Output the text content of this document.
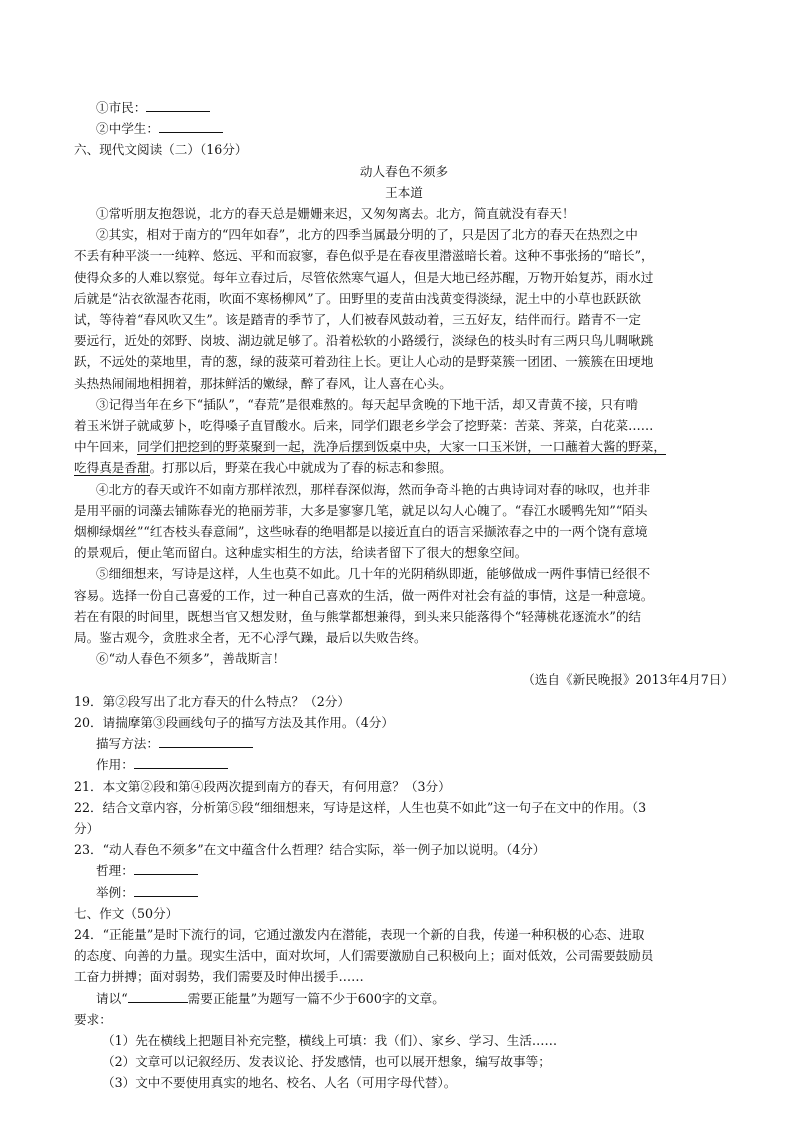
①市民：
②中学生：
六、现代文阅读（二）（16分）
动人春色不须多
王本道
①常听朋友抱怨说，北方的春天总是姗姗来迟，又匆匆离去。北方，简直就没有春天！
②其实，相对于南方的“四年如春”，北方的四季当属最分明的了，只是因了北方的春天在热烈之中
不丢有种平淡一一纯粹、悠远、平和而寂寥，春色似乎是在春夜里潜滋暗长着。这种不事张扬的“暗长”，
使得众多的人难以察觉。每年立春过后，尽管依然寒气逼人，但是大地已经苏醒，万物开始复苏，雨水过
后就是“沾衣欲湿杏花雨，吹面不寒杨柳风”了。田野里的麦苗由浅黄变得淡绿，泥土中的小草也跃跃欲
试，等待着“春风吹又生”。该是踏青的季节了，人们被春风鼓动着，三五好友，结伴而行。踏青不一定
要远行，近处的郊野、岗坡、湖边就足够了。沿着松软的小路缓行，淡绿色的枝头时有三两只鸟儿啁啾跳
跃，不远处的菜地里，青的葱，绿的菠菜可着劲往上长。更让人心动的是野菜簇一团团、一簇簇在田埂地
头热热闹闹地相拥着，那抹鲜活的嫩绿，醉了春风，让人喜在心头。
③记得当年在乡下“插队”，“春荒”是很难熬的。每天起早贪晚的下地干活，却又青黄不接，只有啃
着玉米饼子就咸萝卜，吃得嗓子直冒酸水。后来，同学们跟老乡学会了挖野菜：苦菜、荠菜，白花菜……
中午回来，同学们把挖到的野菜聚到一起，洗净后摆到饭桌中央，大家一口玉米饼，一口蘸着大酱的野菜，
吃得真是香甜。打那以后，野菜在我心中就成为了春的标志和参照。
④北方的春天或许不如南方那样浓烈，那样春深似海，然而争奇斗艳的古典诗词对春的咏叹，也并非
是用平丽的词藻去铺陈春光的艳丽芳菲，大多是寥寥几笔，就足以勾人心魄了。“春江水暖鸭先知”“陌头
烟柳绿烟丝”“红杏枝头春意闹”，这些咏春的绝唱都是以接近直白的语言采撷浓春之中的一两个饶有意境
的景观后，便止笔而留白。这种虚实相生的方法，给读者留下了很大的想象空间。
⑤细细想来，写诗是这样，人生也莫不如此。几十年的光阴稍纵即逝，能够做成一两件事情已经很不
容易。选择一份自己喜爱的工作，过一种自己喜欢的生活，做一两件对社会有益的事情，这是一种意境。
若在有限的时间里，既想当官又想发财，鱼与熊掌都想兼得，到头来只能落得个“轻薄桃花逐流水”的结
局。鉴古观今，贪胜求全者，无不心浮气躁，最后以失败告终。
⑥“动人春色不须多”，善哉斯言！
（选自《新民晚报》2013年4月7日）
19．第②段写出了北方春天的什么特点？（2分）
20．请揣摩第③段画线句子的描写方法及其作用。（4分）
描写方法：
作用：
21．本文第②段和第④段两次提到南方的春天，有何用意？（3分）
22．结合文章内容，分析第⑤段“细细想来，写诗是这样，人生也莫不如此”这一句子在文中的作用。（3
分）
23．“动人春色不须多”在文中蕴含什么哲理？结合实际，举一例子加以说明。（4分）
哲理：
举例：
七、作文（50分）
24．“正能量”是时下流行的词，它通过激发内在潜能，表现一个新的自我，传递一种积极的心态、进取
的态度、向善的力量。现实生活中，面对坎坷，人们需要激励自己积极向上；面对低效，公司需要鼓励员
工奋力拼搏；面对弱势，我们需要及时伸出援手……
请以“	需要正能量”为题写一篇不少于600字的文章。
要求：
（1）先在横线上把题目补充完整，横线上可填：我（们）、家乡、学习、生活……
（2）文章可以记叙经历、发表议论、抒发感情，也可以展开想象，编写故事等；
（3）文中不要使用真实的地名、校名、人名（可用字母代替）。
